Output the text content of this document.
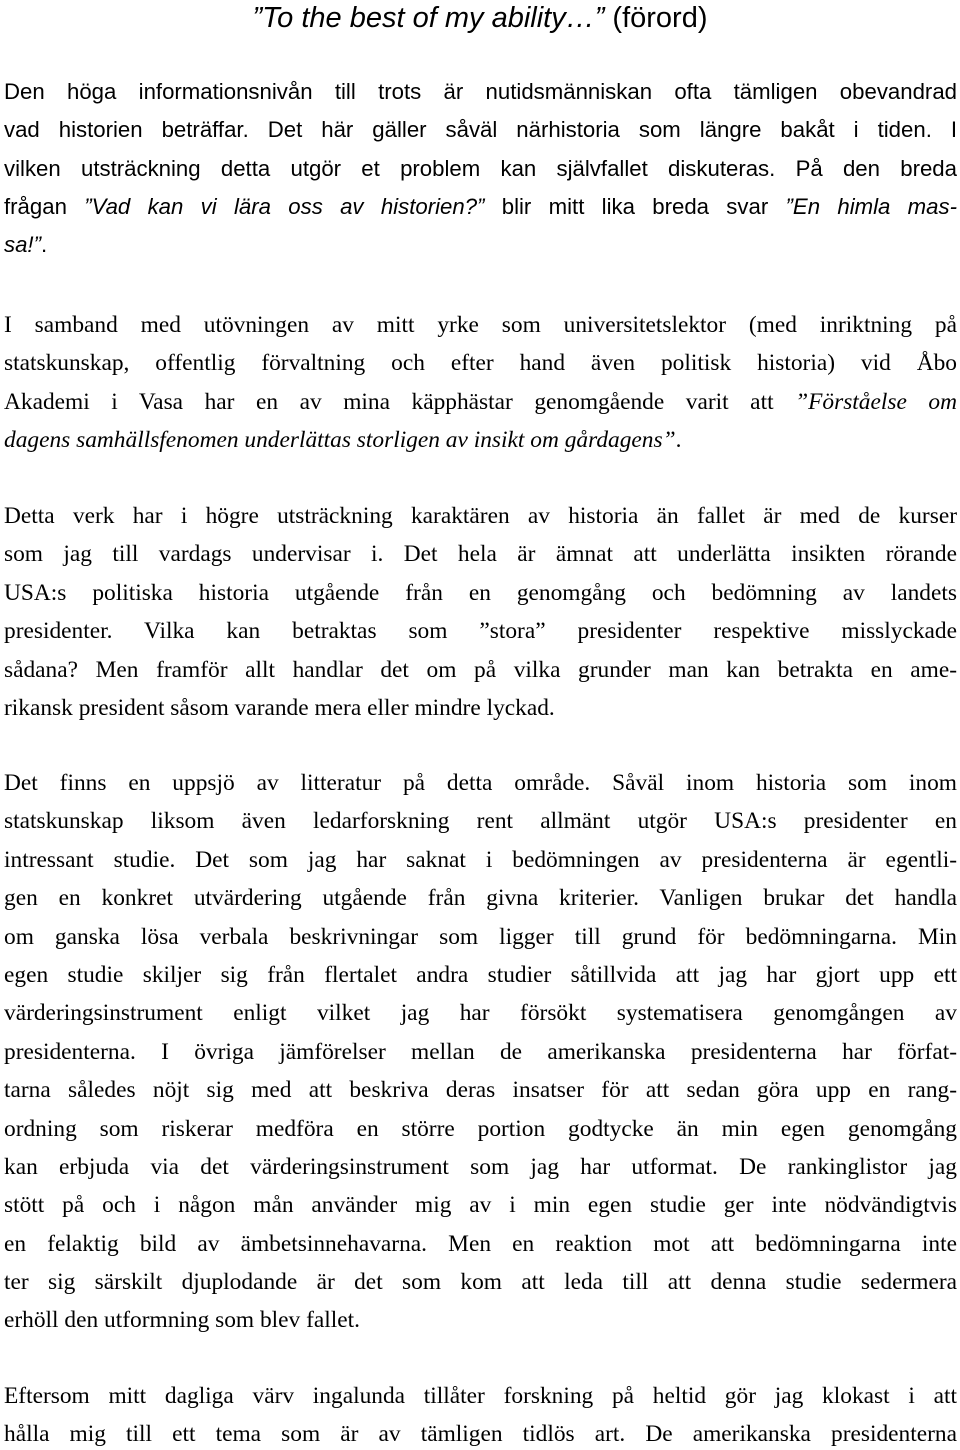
”To the best of my ability…” (förord)

Den höga informationsnivån till trots är nutidsmänniskan ofta tämligen obevandrad
vad historien beträffar. Det här gäller såväl närhistoria som längre bakåt i tiden. I
vilken utsträckning detta utgör et problem kan självfallet diskuteras. På den breda
frågan ”Vad kan vi lära oss av historien?” blir mitt lika breda svar ”En himla mas-
sa!”.

I samband med utövningen av mitt yrke som universitetslektor (med inriktning på
statskunskap, offentlig förvaltning och efter hand även politisk historia) vid Åbo
Akademi i Vasa har en av mina käpphästar genomgående varit att ”Förståelse om
dagens samhällsfenomen underlättas storligen av insikt om gårdagens”.

Detta verk har i högre utsträckning karaktären av historia än fallet är med de kurser
som jag till vardags undervisar i. Det hela är ämnat att underlätta insikten rörande
USA:s politiska historia utgående från en genomgång och bedömning av landets
presidenter. Vilka kan betraktas som ”stora” presidenter respektive misslyckade
sådana? Men framför allt handlar det om på vilka grunder man kan betrakta en ame-
rikansk president såsom varande mera eller mindre lyckad.

Det finns en uppsjö av litteratur på detta område. Såväl inom historia som inom
statskunskap liksom även ledarforskning rent allmänt utgör USA:s presidenter en
intressant studie. Det som jag har saknat i bedömningen av presidenterna är egentli-
gen en konkret utvärdering utgående från givna kriterier. Vanligen brukar det handla
om ganska lösa verbala beskrivningar som ligger till grund för bedömningarna. Min
egen studie skiljer sig från flertalet andra studier såtillvida att jag har gjort upp ett
värderingsinstrument enligt vilket jag har försökt systematisera genomgången av
presidenterna. I övriga jämförelser mellan de amerikanska presidenterna har förfat-
tarna således nöjt sig med att beskriva deras insatser för att sedan göra upp en rang-
ordning som riskerar medföra en större portion godtycke än min egen genomgång
kan erbjuda via det värderingsinstrument som jag har utformat. De rankinglistor jag
stött på och i någon mån använder mig av i min egen studie ger inte nödvändigtvis
en felaktig bild av ämbetsinnehavarna. Men en reaktion mot att bedömningarna inte
ter sig särskilt djuplodande är det som kom att leda till att denna studie sedermera
erhöll den utformning som blev fallet.

Eftersom mitt dagliga värv ingalunda tillåter forskning på heltid gör jag klokast i att
hålla mig till ett tema som är av tämligen tidlös art. De amerikanska presidenterna
